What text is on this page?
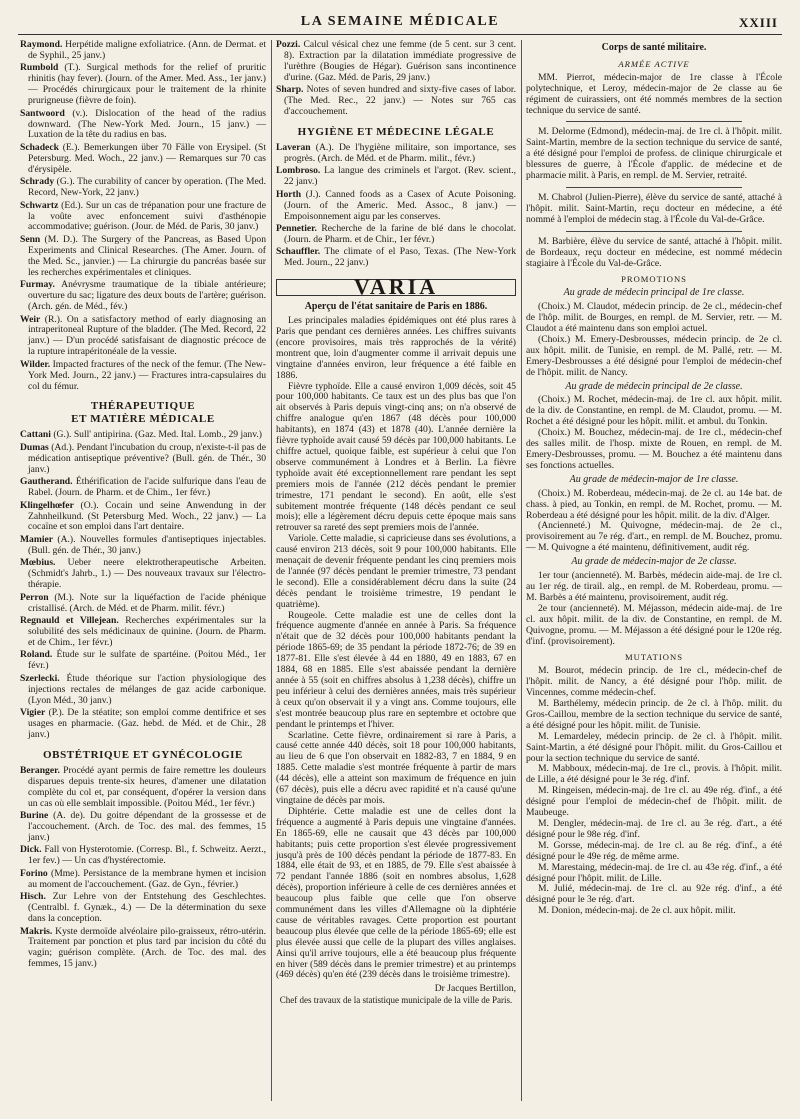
LA SEMAINE MÉDICALE	XXIII
Raymond. Herpétide maligne exfoliatrice. (Ann. de Dermat. et de Syphil., 25 janv.)
Rumbold (T.). Surgical methods for the relief of pruritic rhinitis (hay fever). (Journ. of the Amer. Med. Ass., 1er janv.) — Procédés chirurgicaux pour le traitement de la rhinite prurigneuse (fièvre de foin).
Santwoord (v.). Dislocation of the head of the radius downward. (The New-York Med. Journ., 15 janv.) — Luxation de la tête du radius en bas.
Schadeck (E.). Bemerkungen über 70 Fälle von Erysipel. (St Petersburg. Med. Woch., 22 janv.) — Remarques sur 70 cas d'érysipèle.
Schrady (G.). The curability of cancer by operation. (The Med. Record, New-York, 22 janv.)
Schwartz (Ed.). Sur un cas de trépanation pour une fracture de la voûte avec enfoncement suivi d'asthénopie accommodative; guérison. (Jour. de Méd. de Paris, 30 janv.)
Senn (M. D.). The Surgery of the Pancreas, as Based Upon Experiments and Clinical Researches. (The Amer. Journ. of the Med. Sc., janvier.) — La chirurgie du pancréas basée sur les recherches expérimentales et cliniques.
Furmay. Anévrysme traumatique de la tibiale antérieure; ouverture du sac; ligature des deux bouts de l'artère; guérison. (Arch. gén. de Méd., fév.)
Weir (R.). On a satisfactory method of early diagnosing an intraperitoneal Rupture of the bladder. (The Med. Record, 22 janv.) — D'un procédé satisfaisant de diagnostic précoce de la rupture intrapéritonéale de la vessie.
Wilder. Impacted fractures of the neck of the femur. (The New-York Med. Journ., 22 janv.) — Fractures intra-capsulaires du col du fémur.
THÉRAPEUTIQUE
ET MATIÈRE MÉDICALE
Cattani (G.). Sull' antipirina. (Gaz. Med. Ital. Lomb., 29 janv.)
Dumas (Ad.). Pendant l'incubation du croup, n'existe-t-il pas de médication antiseptique préventive? (Bull. gén. de Thér., 30 janv.)
Gautherand. Éthérification de l'acide sulfurique dans l'eau de Rabel. (Journ. de Pharm. et de Chim., 1er févr.)
Klingelhœfer (O.). Cocain und seine Anwendung in der Zahnheilkund. (St Petersburg Med. Woch., 22 janv.) — La cocaïne et son emploi dans l'art dentaire.
Mamier (A.). Nouvelles formules d'antiseptiques injectables. (Bull. gén. de Thér., 30 janv.)
Mœbius. Ueber neere elektrotherapeutische Arbeiten. (Schmidt's Jahrb., 1.) — Des nouveaux travaux sur l'électro-thérapie.
Perron (M.). Note sur la liquéfaction de l'acide phénique cristallisé. (Arch. de Méd. et de Pharm. milit. févr.)
Regnauld et Villejean. Recherches expérimentales sur la solubilité des sels médicinaux de quinine. (Journ. de Pharm. et de Chim., 1er févr.)
Roland. Étude sur le sulfate de spartéine. (Poitou Méd., 1er févr.)
Szerlecki. Étude théorique sur l'action physiologique des injections rectales de mélanges de gaz acide carbonique. (Lyon Méd., 30 janv.)
Vigier (P.). De la stéatite; son emploi comme dentifrice et ses usages en pharmacie. (Gaz. hebd. de Méd. et de Chir., 28 janv.)
OBSTÉTRIQUE ET GYNÉCOLOGIE
Beranger. Procédé ayant permis de faire remettre les douleurs disparues depuis trente-six heures, d'amener une dilatation complète du col et, par conséquent, d'opérer la version dans un cas où elle semblait impossible. (Poitou Méd., 1er févr.)
Burine (A. de). Du goitre dépendant de la grossesse et de l'accouchement. (Arch. de Toc. des mal. des femmes, 15 janv.)
Dick. Fall von Hysterotomie. (Corresp. Bl., f. Schweitz. Aerzt., 1er fev.) — Un cas d'hystérectomie.
Forino (Mme). Persistance de la membrane hymen et incision au moment de l'accouchement. (Gaz. de Gyn., février.)
Hisch. Zur Lehre von der Entstehung des Geschlechtes. (Centralbl. f. Gynæk., 4.) — De la détermination du sexe dans la conception.
Makris. Kyste dermoïde alvéolaire pilo-graisseux, rétro-utérin. Traitement par ponction et plus tard par incision du côté du vagin; guérison complète. (Arch. de Toc. des mal. des femmes, 15 janv.)
Pozzi. Calcul vésical chez une femme (de 5 cent. sur 3 cent. 8). Extraction par la dilatation immédiate progressive de l'urèthre (Bougies de Hégar). Guérison sans incontinence d'urine. (Gaz. Méd. de Paris, 29 janv.)
Sharp. Notes of seven hundred and sixty-five cases of labor. (The Med. Rec., 22 janv.) — Notes sur 765 cas d'accouchement.
HYGIÈNE ET MÉDECINE LÉGALE
Laveran (A.). De l'hygiène militaire, son importance, ses progrès. (Arch. de Méd. et de Pharm. milit., févr.)
Lombroso. La langue des criminels et l'argot. (Rev. scient., 22 janv.)
Horth (J.). Canned foods as a Casex of Acute Poisoning. (Journ. of the Americ. Med. Assoc., 8 janv.) — Empoisonnement aigu par les conserves.
Pennetier. Recherche de la farine de blé dans le chocolat. (Journ. de Pharm. et de Chir., 1er févr.)
Schauffler. The climate of el Paso, Texas. (The New-York Med. Journ., 22 janv.)
VARIA
Aperçu de l'état sanitaire de Paris en 1886.

Les principales maladies épidémiques ont été plus rares à Paris que pendant ces dernières années. Les chiffres suivants (encore provisoires, mais très rapprochés de la vérité) montrent que, loin d'augmenter comme il arrivait depuis une vingtaine d'années environ, leur fréquence a été faible en 1886.

Fièvre typhoïde. Elle a causé environ 1,009 décès, soit 45 pour 100,000 habitants. Ce taux est un des plus bas que l'on ait observés à Paris depuis vingt-cinq ans; on n'a observé de chiffre analogue qu'en 1867 (48 décès pour 100,000 habitants), en 1874 (43) et 1878 (40). L'année dernière la fièvre typhoïde avait causé 59 décès par 100,000 habitants. Le chiffre actuel, quoique faible, est supérieur à celui que l'on observe communément à Londres et à Berlin. La fièvre typhoïde avait été exceptionnellement rare pendant les sept premiers mois de l'année (212 décès pendant le premier trimestre, 171 pendant le second). En août, elle s'est subitement montrée fréquente (148 décès pendant ce seul mois); elle a légèrement décru depuis cette époque mais sans retrouver sa rareté des sept premiers mois de l'année.

Variole. Cette maladie, si capricieuse dans ses évolutions, a causé environ 213 décès, soit 9 pour 100,000 habitants. Elle menaçait de devenir fréquente pendant les cinq premiers mois de l'année (97 décès pendant le premier trimestre, 73 pendant le second). Elle a considérablement décru dans la suite (24 décès pendant le troisième trimestre, 19 pendant le quatrième).

Rougeole. Cette maladie est une de celles dont la fréquence augmente d'année en année à Paris. Sa fréquence n'était que de 32 décès pour 100,000 habitants pendant la période 1865-69; de 35 pendant la période 1872-76; de 39 en 1877-81. Elle s'est élevée à 44 en 1880, 49 en 1883, 67 en 1884, 68 en 1885. Elle s'est abaissée pendant la dernière année à 55 (soit en chiffres absolus à 1,238 décès), chiffre un peu inférieur à celui des dernières années, mais très supérieur à ceux qu'on observait il y a vingt ans. Comme toujours, elle s'est montrée beaucoup plus rare en septembre et octobre que pendant le printemps et l'hiver.

Scarlatine. Cette fièvre, ordinairement si rare à Paris, a causé cette année 440 décès, soit 18 pour 100,000 habitants, au lieu de 6 que l'on observait en 1882-83, 7 en 1884, 9 en 1885. Cette maladie s'est montrée fréquente à partir de mars (44 décès), elle a atteint son maximum de fréquence en juin (67 décès), puis elle a décru avec rapidité et n'a causé qu'une vingtaine de décès par mois.

Diphtérie. Cette maladie est une de celles dont la fréquence a augmenté à Paris depuis une vingtaine d'années. En 1865-69, elle ne causait que 43 décès par 100,000 habitants; puis cette proportion s'est élevée progressivement jusqu'à près de 100 décès pendant la période de 1877-83. En 1884, elle était de 93, et en 1885, de 79. Elle s'est abaissée à 72 pendant l'année 1886 (soit en nombres absolus, 1,628 décès), proportion inférieure à celle de ces dernières années et beaucoup plus faible que celle que l'on observe communément dans les villes d'Allemagne où la diphtérie cause de véritables ravages. Cette proportion est pourtant beaucoup plus élevée que celle de la période 1865-69; elle est plus élevée aussi que celle de la plupart des villes anglaises. Ainsi qu'il arrive toujours, elle a été beaucoup plus fréquente en hiver (589 décès dans le premier trimestre) et au printemps (469 décès) qu'en été (239 décès dans le troisième trimestre).

Dr Jacques Bertillon,
Chef des travaux de la statistique municipale de la ville de Paris.
Corps de santé militaire.
ARMÉE ACTIVE

MM. Pierrot, médecin-major de 1re classe à l'École polytechnique, et Leroy, médecin-major de 2e classe au 6e régiment de cuirassiers, ont été nommés membres de la section technique du service de santé.

M. Delorme (Edmond), médecin-maj. de 1re cl. à l'hôpit. milit. Saint-Martin, membre de la section technique du service de santé, a été désigné pour l'emploi de profess. de clinique chirurgicale et blessures de guerre, à l'École d'applic. de médecine et de pharmacie milit. à Paris, en rempl. de M. Servier, retraité.

M. Chabrol (Julien-Pierre), élève du service de santé, attaché à l'hôpit. milit. Saint-Martin, reçu docteur en médecine, a été nommé à l'emploi de médecin stag. à l'École du Val-de-Grâce.

M. Barbière, élève du service de santé, attaché à l'hôpit. milit. de Bordeaux, reçu docteur en médecine, est nommé médecin stagiaire à l'École du Val-de-Grâce.

PROMOTIONS
Au grade de médecin principal de 1re classe.

(Choix.) M. Claudot, médecin princip. de 2e cl., médecin-chef de l'hôp. milit. de Bourges, en rempl. de M. Servier, retr. — M. Claudot a été maintenu dans son emploi actuel.

(Choix.) M. Emery-Desbrousses, médecin princip. de 2e cl. aux hôpit. milit. de Tunisie, en rempl. de M. Pallé, retr. — M. Emery-Desbrousses a été désigné pour l'emploi de médecin-chef de l'hôpit. milit. de Nancy.

Au grade de médecin principal de 2e classe.

(Choix.) M. Rochet, médecin-maj. de 1re cl. aux hôpit. milit. de la div. de Constantine, en rempl. de M. Claudot, promu. — M. Rochet a été désigné pour les hôpit. milit. et ambul. du Tonkin.

(Choix.) M. Bouchez, médecin-maj. de 1re cl., médecin-chef des salles milit. de l'hosp. mixte de Rouen, en rempl. de M. Emery-Desbrousses, promu. — M. Bouchez a été maintenu dans ses fonctions actuelles.

Au grade de médecin-major de 1re classe.

(Choix.) M. Roberdeau, médecin-maj. de 2e cl. au 14e bat. de chass. à pied, au Tonkin, en rempl. de M. Rochet, promu. — M. Roberdeau a été désigné pour les hôpit. milit. de la div. d'Alger.

(Ancienneté.) M. Quivogne, médecin-maj. de 2e cl., provisoirement au 7e rég. d'art., en rempl. de M. Bouchez, promu. — M. Quivogne a été maintenu, définitivement, audit rég.

Au grade de médecin-major de 2e classe.

1er tour (ancienneté). M. Barbès, médecin aide-maj. de 1re cl. au 1er rég. de tirail. alg., en rempl. de M. Roberdeau, promu. — M. Barbès a été maintenu, provisoirement, audit rég.

2e tour (ancienneté). M. Méjasson, médecin aide-maj. de 1re cl. aux hôpit. milit. de la div. de Constantine, en rempl. de M. Quivogne, promu. — M. Méjasson a été désigné pour le 120e rég. d'inf. (provisoirement).

MUTATIONS

M. Bourot, médecin princip. de 1re cl., médecin-chef de l'hôpit. milit. de Nancy, a été désigné pour l'hôp. milit. de Vincennes, comme médecin-chef.

M. Barthélemy, médecin princip. de 2e cl. à l'hôp. milit. du Gros-Caillou, membre de la section technique du service de santé, a été désigné pour les hôpit. milit. de Tunisie.

M. Lemardeley, médecin princip. de 2e cl. à l'hôpit. milit. Saint-Martin, a été désigné pour l'hôpit. milit. du Gros-Caillou et pour la section technique du service de santé.

M. Mabboux, médecin-maj. de 1re cl., provis. à l'hôpit. milit. de Lille, a été désigné pour le 3e rég. d'inf.

M. Ringeisen, médecin-maj. de 1re cl. au 49e rég. d'inf., a été désigné pour l'emploi de médecin-chef de l'hôpit. milit. de Maubeuge.

M. Dengler, médecin-maj. de 1re cl. au 3e rég. d'art., a été désigné pour le 98e rég. d'inf.

M. Gorsse, médecin-maj. de 1re cl. au 8e rég. d'inf., a été désigné pour le 49e rég. de même arme.

M. Marestaing, médecin-maj. de 1re cl. au 43e rég. d'inf., a été désigné pour l'hôpit. milit. de Lille.

M. Julié, médecin-maj. de 1re cl. au 92e rég. d'inf., a été désigné pour le 3e rég. d'art.

M. Donion, médecin-maj. de 2e cl. aux hôpit. milit.
